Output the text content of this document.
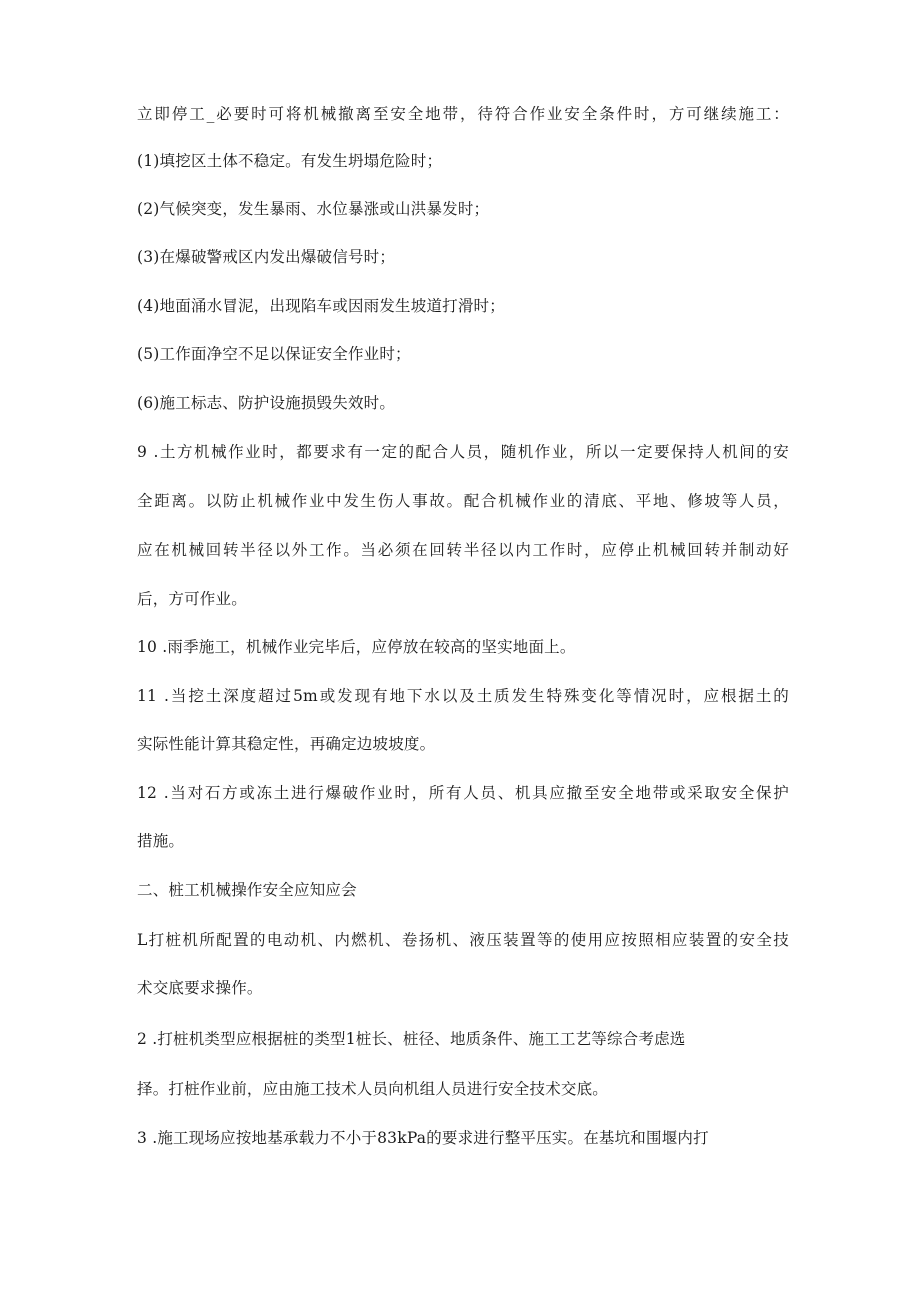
立即停工_必要时可将机械撤离至安全地带，待符合作业安全条件时，方可继续施工：
(1)填挖区土体不稳定。有发生坍塌危险时；
(2)气候突变，发生暴雨、水位暴涨或山洪暴发时；
(3)在爆破警戒区内发出爆破信号时；
(4)地面涌水冒泥，出现陷车或因雨发生坡道打滑时；
(5)工作面净空不足以保证安全作业时；
(6)施工标志、防护设施损毁失效时。
9 .土方机械作业时，都要求有一定的配合人员，随机作业，所以一定要保持人机间的安
全距离。以防止机械作业中发生伤人事故。配合机械作业的清底、平地、修坡等人员，
应在机械回转半径以外工作。当必须在回转半径以内工作时，应停止机械回转并制动好
后，方可作业。
10 .雨季施工，机械作业完毕后，应停放在较高的坚实地面上。
11 .当挖土深度超过5m或发现有地下水以及土质发生特殊变化等情况时，应根据土的
实际性能计算其稳定性，再确定边坡坡度。
12 .当对石方或冻土进行爆破作业时，所有人员、机具应撤至安全地带或采取安全保护
措施。
二、桩工机械操作安全应知应会
L打桩机所配置的电动机、内燃机、卷扬机、液压装置等的使用应按照相应装置的安全技
术交底要求操作。
2 .打桩机类型应根据桩的类型1桩长、桩径、地质条件、施工工艺等综合考虑选
择。打桩作业前，应由施工技术人员向机组人员进行安全技术交底。
3 .施工现场应按地基承载力不小于83kPa的要求进行整平压实。在基坑和围堰内打
